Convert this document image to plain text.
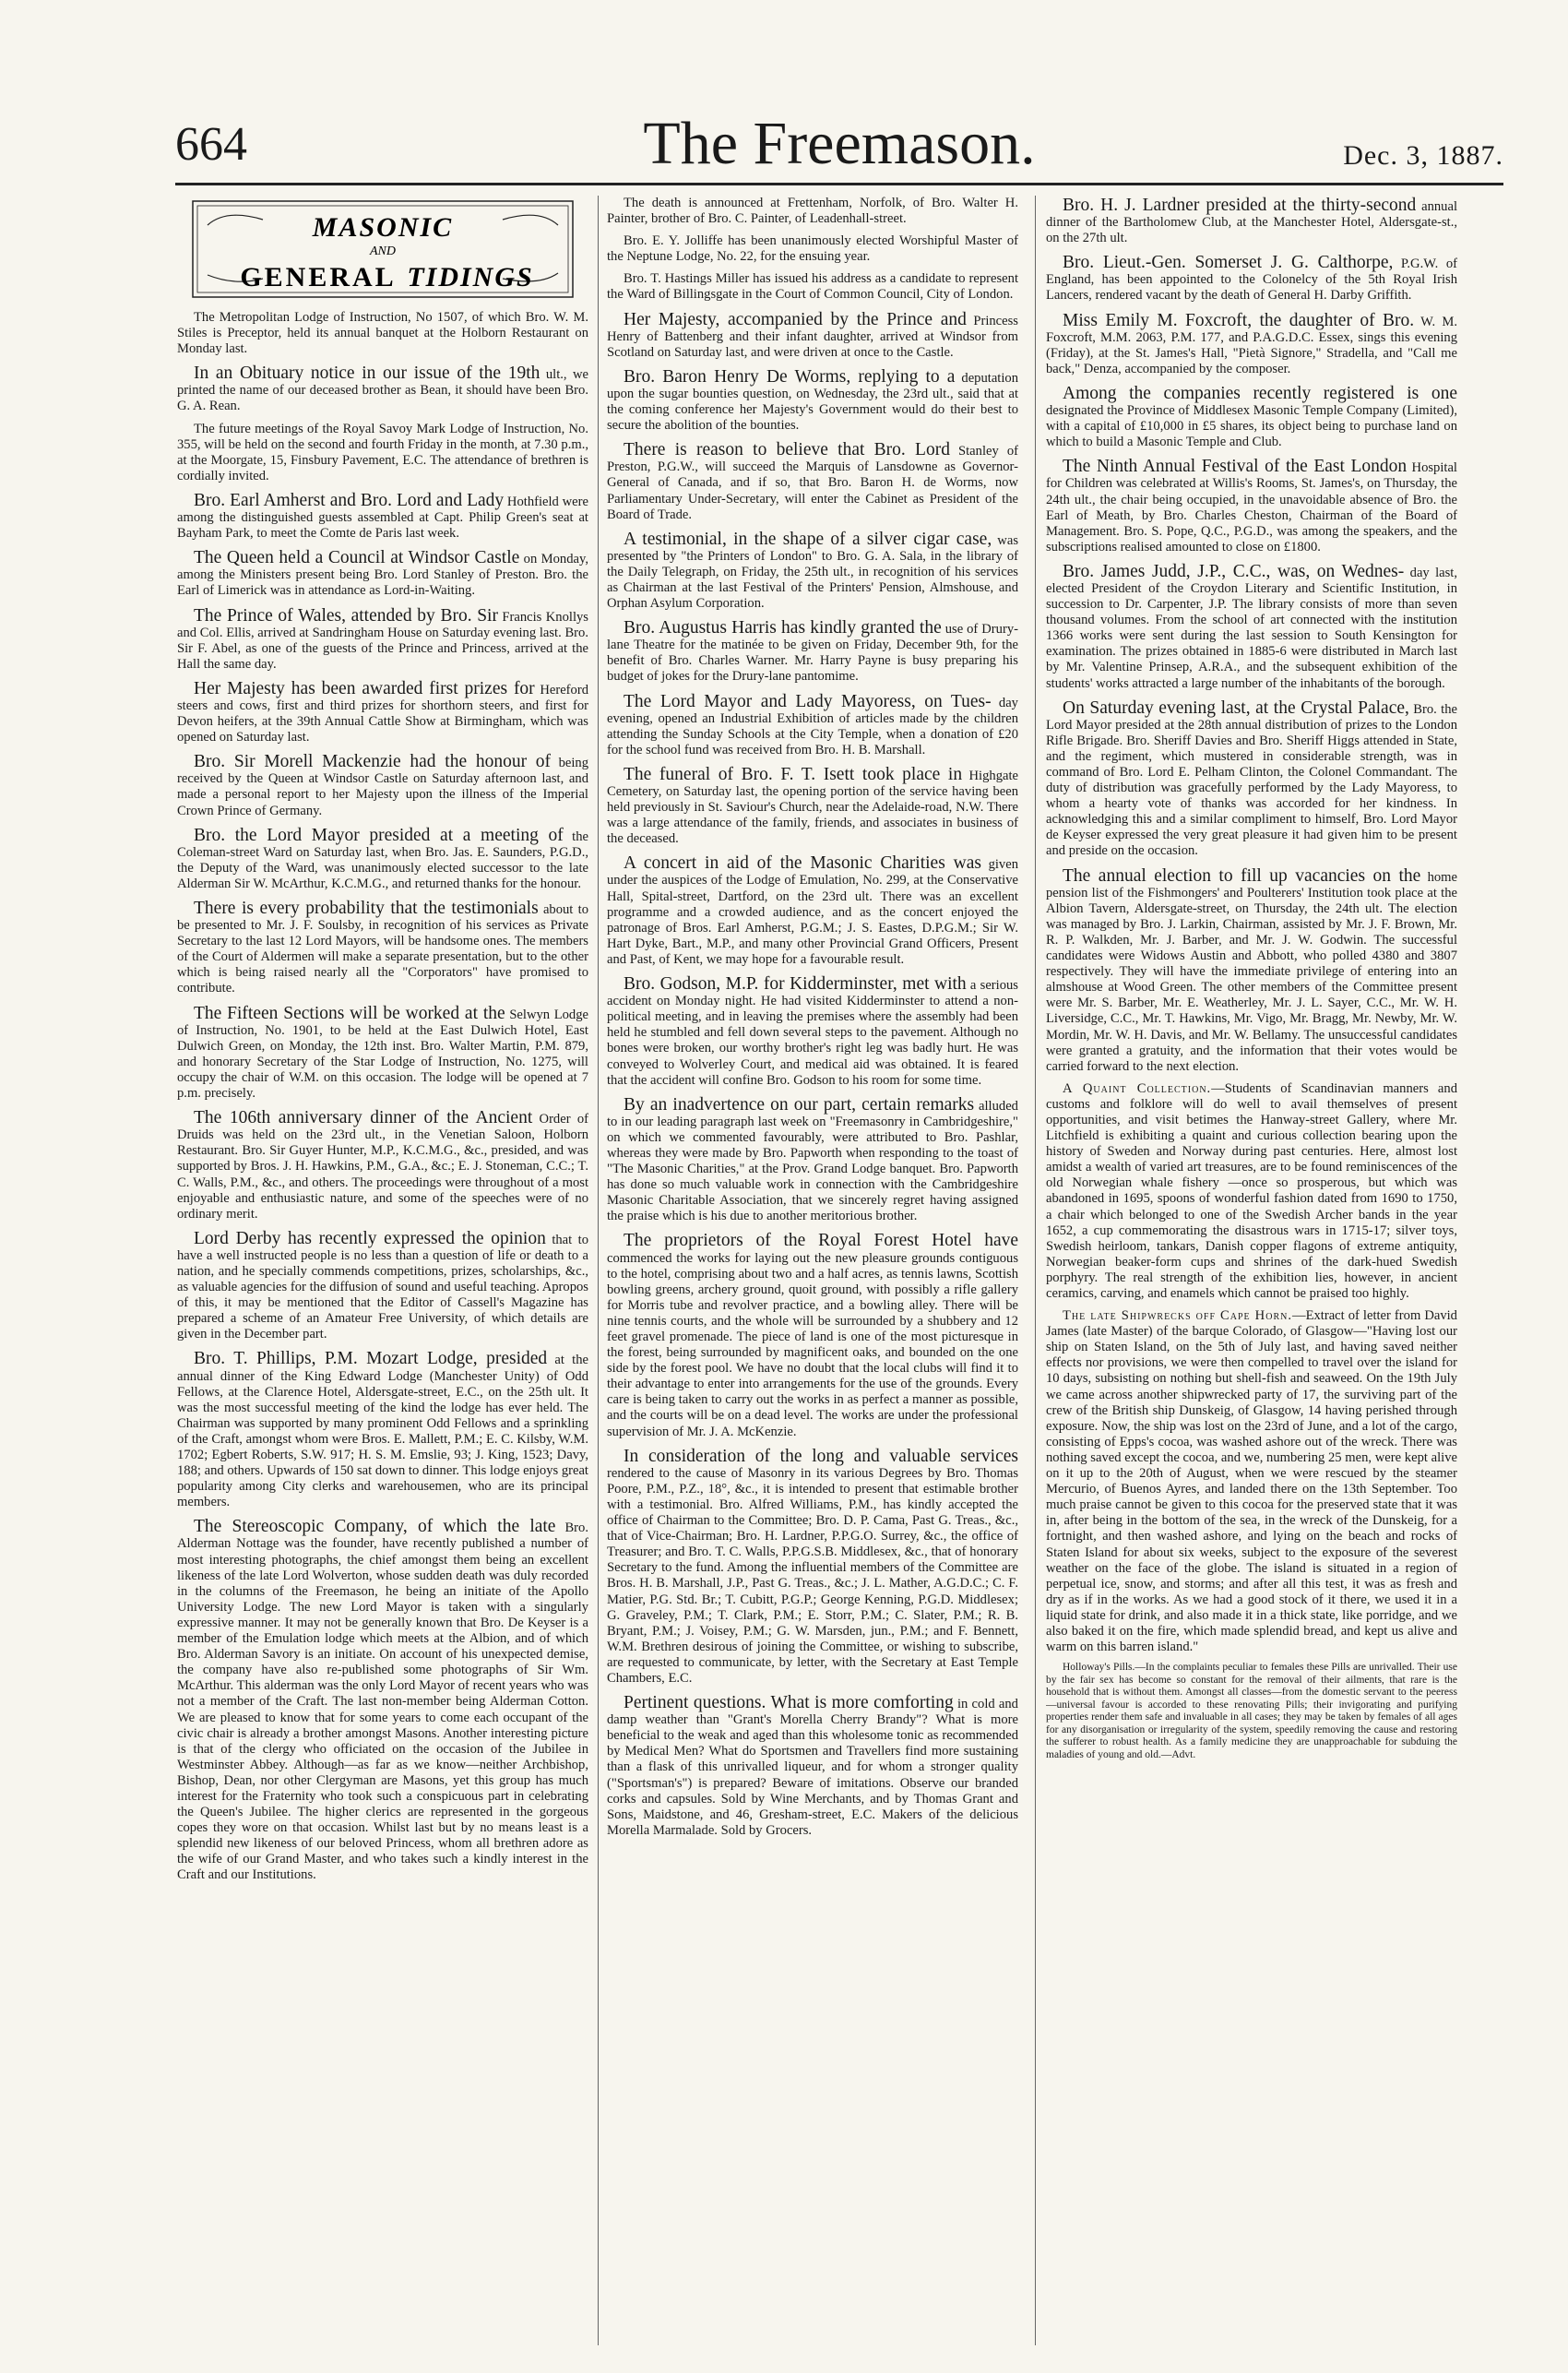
664	The Freemason.	Dec. 3, 1887.
MASONIC
AND
GENERAL TIDINGS

The Metropolitan Lodge of Instruction, No 1507, of which Bro. W. M. Stiles is Preceptor, held its annual banquet at the Holborn Restaurant on Monday last.

In an Obituary notice in our issue of the 19th ult., we printed the name of our deceased brother as Bean, it should have been Bro. G. A. Rean.

The future meetings of the Royal Savoy Mark Lodge of Instruction, No. 355, will be held on the second and fourth Friday in the month, at 7.30 p.m., at the Moorgate, 15, Finsbury Pavement, E.C. The attendance of brethren is cordially invited.

Bro. Earl Amherst and Bro. Lord and Lady Hothfield were among the distinguished guests assembled at Capt. Philip Green's seat at Bayham Park, to meet the Comte de Paris last week.

The Queen held a Council at Windsor Castle on Monday, among the Ministers present being Bro. Lord Stanley of Preston. Bro. the Earl of Limerick was in attendance as Lord-in-Waiting.

The Prince of Wales, attended by Bro. Sir Francis Knollys and Col. Ellis, arrived at Sandringham House on Saturday evening last. Bro. Sir F. Abel, as one of the guests of the Prince and Princess, arrived at the Hall the same day.

Her Majesty has been awarded first prizes for Hereford steers and cows, first and third prizes for shorthorn steers, and first for Devon heifers, at the 39th Annual Cattle Show at Birmingham, which was opened on Saturday last.

Bro. Sir Morell Mackenzie had the honour of being received by the Queen at Windsor Castle on Saturday afternoon last, and made a personal report to her Majesty upon the illness of the Imperial Crown Prince of Germany.

Bro. the Lord Mayor presided at a meeting of the Coleman-street Ward on Saturday last, when Bro. Jas. E. Saunders, P.G.D., the Deputy of the Ward, was unanimously elected successor to the late Alderman Sir W. McArthur, K.C.M.G., and returned thanks for the honour.

There is every probability that the testimonials about to be presented to Mr. J. F. Soulsby, in recognition of his services as Private Secretary to the last 12 Lord Mayors, will be handsome ones. The members of the Court of Aldermen will make a separate presentation, but to the other which is being raised nearly all the "Corporators" have promised to contribute.

The Fifteen Sections will be worked at the Selwyn Lodge of Instruction, No. 1901, to be held at the East Dulwich Hotel, East Dulwich Green, on Monday, the 12th inst. Bro. Walter Martin, P.M. 879, and honorary Secretary of the Star Lodge of Instruction, No. 1275, will occupy the chair of W.M. on this occasion. The lodge will be opened at 7 p.m. precisely.

The 106th anniversary dinner of the Ancient Order of Druids was held on the 23rd ult., in the Venetian Saloon, Holborn Restaurant. Bro. Sir Guyer Hunter, M.P., K.C.M.G., &c., presided, and was supported by Bros. J. H. Hawkins, P.M., G.A., &c.; E. J. Stoneman, C.C.; T. C. Walls, P.M., &c., and others. The proceedings were throughout of a most enjoyable and enthusiastic nature, and some of the speeches were of no ordinary merit.

Lord Derby has recently expressed the opinion that to have a well instructed people is no less than a question of life or death to a nation, and he specially commends competitions, prizes, scholarships, &c., as valuable agencies for the diffusion of sound and useful teaching. Apropos of this, it may be mentioned that the Editor of Cassell's Magazine has prepared a scheme of an Amateur Free University, of which details are given in the December part.

Bro. T. Phillips, P.M. Mozart Lodge, presided at the annual dinner of the King Edward Lodge (Manchester Unity) of Odd Fellows, at the Clarence Hotel, Aldersgate-street, E.C., on the 25th ult. It was the most successful meeting of the kind the lodge has ever held. The Chairman was supported by many prominent Odd Fellows and a sprinkling of the Craft, amongst whom were Bros. E. Mallett, P.M.; E. C. Kilsby, W.M. 1702; Egbert Roberts, S.W. 917; H. S. M. Emslie, 93; J. King, 1523; Davy, 188; and others. Upwards of 150 sat down to dinner. This lodge enjoys great popularity among City clerks and warehousemen, who are its principal members.

The Stereoscopic Company, of which the late Bro. Alderman Nottage was the founder, have recently published a number of most interesting photographs, the chief amongst them being an excellent likeness of the late Lord Wolverton, whose sudden death was duly recorded in the columns of the Freemason, he being an initiate of the Apollo University Lodge. The new Lord Mayor is taken with a singularly expressive manner. It may not be generally known that Bro. De Keyser is a member of the Emulation lodge which meets at the Albion, and of which Bro. Alderman Savory is an initiate. On account of his unexpected demise, the company have also re-published some photographs of Sir Wm. McArthur. This alderman was the only Lord Mayor of recent years who was not a member of the Craft. The last non-member being Alderman Cotton. We are pleased to know that for some years to come each occupant of the civic chair is already a brother amongst Masons. Another interesting picture is that of the clergy who officiated on the occasion of the Jubilee in Westminster Abbey. Although—as far as we know—neither Archbishop, Bishop, Dean, nor other Clergyman are Masons, yet this group has much interest for the Fraternity who took such a conspicuous part in celebrating the Queen's Jubilee. The higher clerics are represented in the gorgeous copes they wore on that occasion. Whilst last but by no means least is a splendid new likeness of our beloved Princess, whom all brethren adore as the wife of our Grand Master, and who takes such a kindly interest in the Craft and our Institutions.

The death is announced at Frettenham, Norfolk, of Bro. Walter H. Painter, brother of Bro. C. Painter, of Leadenhall-street.

Bro. E. Y. Jolliffe has been unanimously elected Worshipful Master of the Neptune Lodge, No. 22, for the ensuing year.

Bro. T. Hastings Miller has issued his address as a candidate to represent the Ward of Billingsgate in the Court of Common Council, City of London.

Her Majesty, accompanied by the Prince and Princess Henry of Battenberg and their infant daughter, arrived at Windsor from Scotland on Saturday last, and were driven at once to the Castle.

Bro. Baron Henry De Worms, replying to a deputation upon the sugar bounties question, on Wednesday, the 23rd ult., said that at the coming conference her Majesty's Government would do their best to secure the abolition of the bounties.

There is reason to believe that Bro. Lord Stanley of Preston, P.G.W., will succeed the Marquis of Lansdowne as Governor-General of Canada, and if so, that Bro. Baron H. de Worms, now Parliamentary Under-Secretary, will enter the Cabinet as President of the Board of Trade.

A testimonial, in the shape of a silver cigar case, was presented by "the Printers of London" to Bro. G. A. Sala, in the library of the Daily Telegraph, on Friday, the 25th ult., in recognition of his services as Chairman at the last Festival of the Printers' Pension, Almshouse, and Orphan Asylum Corporation.

Bro. Augustus Harris has kindly granted the use of Drury-lane Theatre for the matinée to be given on Friday, December 9th, for the benefit of Bro. Charles Warner. Mr. Harry Payne is busy preparing his budget of jokes for the Drury-lane pantomime.

The Lord Mayor and Lady Mayoress, on Tues- day evening, opened an Industrial Exhibition of articles made by the children attending the Sunday Schools at the City Temple, when a donation of £20 for the school fund was received from Bro. H. B. Marshall.

The funeral of Bro. F. T. Isett took place in Highgate Cemetery, on Saturday last, the opening portion of the service having been held previously in St. Saviour's Church, near the Adelaide-road, N.W. There was a large attendance of the family, friends, and associates in business of the deceased.

A concert in aid of the Masonic Charities was given under the auspices of the Lodge of Emulation, No. 299, at the Conservative Hall, Spital-street, Dartford, on the 23rd ult. There was an excellent programme and a crowded audience, and as the concert enjoyed the patronage of Bros. Earl Amherst, P.G.M.; J. S. Eastes, D.P.G.M.; Sir W. Hart Dyke, Bart., M.P., and many other Provincial Grand Officers, Present and Past, of Kent, we may hope for a favourable result.

Bro. Godson, M.P. for Kidderminster, met with a serious accident on Monday night. He had visited Kidderminster to attend a non-political meeting, and in leaving the premises where the assembly had been held he stumbled and fell down several steps to the pavement. Although no bones were broken, our worthy brother's right leg was badly hurt. He was conveyed to Wolverley Court, and medical aid was obtained. It is feared that the accident will confine Bro. Godson to his room for some time.

By an inadvertence on our part, certain remarks alluded to in our leading paragraph last week on "Freemasonry in Cambridgeshire," on which we commented favourably, were attributed to Bro. Pashlar, whereas they were made by Bro. Papworth when responding to the toast of "The Masonic Charities," at the Prov. Grand Lodge banquet. Bro. Papworth has done so much valuable work in connection with the Cambridgeshire Masonic Charitable Association, that we sincerely regret having assigned the praise which is his due to another meritorious brother.

The proprietors of the Royal Forest Hotel have commenced the works for laying out the new pleasure grounds contiguous to the hotel, comprising about two and a half acres, as tennis lawns, Scottish bowling greens, archery ground, quoit ground, with possibly a rifle gallery for Morris tube and revolver practice, and a bowling alley. There will be nine tennis courts, and the whole will be surrounded by a shubbery and 12 feet gravel promenade. The piece of land is one of the most picturesque in the forest, being surrounded by magnificent oaks, and bounded on the one side by the forest pool. We have no doubt that the local clubs will find it to their advantage to enter into arrangements for the use of the grounds. Every care is being taken to carry out the works in as perfect a manner as possible, and the courts will be on a dead level. The works are under the professional supervision of Mr. J. A. McKenzie.

In consideration of the long and valuable services rendered to the cause of Masonry in its various Degrees by Bro. Thomas Poore, P.M., P.Z., 18°, &c., it is intended to present that estimable brother with a testimonial. Bro. Alfred Williams, P.M., has kindly accepted the office of Chairman to the Committee; Bro. D. P. Cama, Past G. Treas., &c., that of Vice-Chairman; Bro. H. Lardner, P.P.G.O. Surrey, &c., the office of Treasurer; and Bro. T. C. Walls, P.P.G.S.B. Middlesex, &c., that of honorary Secretary to the fund. Among the influential members of the Committee are Bros. H. B. Marshall, J.P., Past G. Treas., &c.; J. L. Mather, A.G.D.C.; C. F. Matier, P.G. Std. Br.; T. Cubitt, P.G.P.; George Kenning, P.G.D. Middlesex; G. Graveley, P.M.; T. Clark, P.M.; E. Storr, P.M.; C. Slater, P.M.; R. B. Bryant, P.M.; J. Voisey, P.M.; G. W. Marsden, jun., P.M.; and F. Bennett, W.M. Brethren desirous of joining the Committee, or wishing to subscribe, are requested to communicate, by letter, with the Secretary at East Temple Chambers, E.C.

Pertinent questions. What is more comforting in cold and damp weather than "Grant's Morella Cherry Brandy"? What is more beneficial to the weak and aged than this wholesome tonic as recommended by Medical Men? What do Sportsmen and Travellers find more sustaining than a flask of this unrivalled liqueur, and for whom a stronger quality ("Sportsman's") is prepared? Beware of imitations. Observe our branded corks and capsules. Sold by Wine Merchants, and by Thomas Grant and Sons, Maidstone, and 46, Gresham-street, E.C. Makers of the delicious Morella Marmalade. Sold by Grocers.

Bro. H. J. Lardner presided at the thirty-second annual dinner of the Bartholomew Club, at the Manchester Hotel, Aldersgate-st., on the 27th ult.

Bro. Lieut.-Gen. Somerset J. G. Calthorpe, P.G.W. of England, has been appointed to the Colonelcy of the 5th Royal Irish Lancers, rendered vacant by the death of General H. Darby Griffith.

Miss Emily M. Foxcroft, the daughter of Bro. W. M. Foxcroft, M.M. 2063, P.M. 177, and P.A.G.D.C. Essex, sings this evening (Friday), at the St. James's Hall, "Pietà Signore," Stradella, and "Call me back," Denza, accompanied by the composer.

Among the companies recently registered is one designated the Province of Middlesex Masonic Temple Company (Limited), with a capital of £10,000 in £5 shares, its object being to purchase land on which to build a Masonic Temple and Club.

The Ninth Annual Festival of the East London Hospital for Children was celebrated at Willis's Rooms, St. James's, on Thursday, the 24th ult., the chair being occupied, in the unavoidable absence of Bro. the Earl of Meath, by Bro. Charles Cheston, Chairman of the Board of Management. Bro. S. Pope, Q.C., P.G.D., was among the speakers, and the subscriptions realised amounted to close on £1800.

Bro. James Judd, J.P., C.C., was, on Wednes- day last, elected President of the Croydon Literary and Scientific Institution, in succession to Dr. Carpenter, J.P. The library consists of more than seven thousand volumes. From the school of art connected with the institution 1366 works were sent during the last session to South Kensington for examination. The prizes obtained in 1885-6 were distributed in March last by Mr. Valentine Prinsep, A.R.A., and the subsequent exhibition of the students' works attracted a large number of the inhabitants of the borough.

On Saturday evening last, at the Crystal Palace, Bro. the Lord Mayor presided at the 28th annual distribution of prizes to the London Rifle Brigade. Bro. Sheriff Davies and Bro. Sheriff Higgs attended in State, and the regiment, which mustered in considerable strength, was in command of Bro. Lord E. Pelham Clinton, the Colonel Commandant. The duty of distribution was gracefully performed by the Lady Mayoress, to whom a hearty vote of thanks was accorded for her kindness. In acknowledging this and a similar compliment to himself, Bro. Lord Mayor de Keyser expressed the very great pleasure it had given him to be present and preside on the occasion.

The annual election to fill up vacancies on the home pension list of the Fishmongers' and Poulterers' Institution took place at the Albion Tavern, Aldersgate-street, on Thursday, the 24th ult. The election was managed by Bro. J. Larkin, Chairman, assisted by Mr. J. F. Brown, Mr. R. P. Walkden, Mr. J. Barber, and Mr. J. W. Godwin. The successful candidates were Widows Austin and Abbott, who polled 4380 and 3807 respectively. They will have the immediate privilege of entering into an almshouse at Wood Green. The other members of the Committee present were Mr. S. Barber, Mr. E. Weatherley, Mr. J. L. Sayer, C.C., Mr. W. H. Liversidge, C.C., Mr. T. Hawkins, Mr. Vigo, Mr. Bragg, Mr. Newby, Mr. W. Mordin, Mr. W. H. Davis, and Mr. W. Bellamy. The unsuccessful candidates were granted a gratuity, and the information that their votes would be carried forward to the next election.

A Quaint Collection.—Students of Scandinavian manners and customs and folklore will do well to avail themselves of present opportunities, and visit betimes the Hanway-street Gallery, where Mr. Litchfield is exhibiting a quaint and curious collection bearing upon the history of Sweden and Norway during past centuries. Here, almost lost amidst a wealth of varied art treasures, are to be found reminiscences of the old Norwegian whale fishery —once so prosperous, but which was abandoned in 1695, spoons of wonderful fashion dated from 1690 to 1750, a chair which belonged to one of the Swedish Archer bands in the year 1652, a cup commemorating the disastrous wars in 1715-17; silver toys, Swedish heirloom, tankars, Danish copper flagons of extreme antiquity, Norwegian beaker-form cups and shrines of the dark-hued Swedish porphyry. The real strength of the exhibition lies, however, in ancient ceramics, carving, and enamels which cannot be praised too highly.

The late Shipwrecks off Cape Horn.—Extract of letter from David James (late Master) of the barque Colorado, of Glasgow—"Having lost our ship on Staten Island, on the 5th of July last, and having saved neither effects nor provisions, we were then compelled to travel over the island for 10 days, subsisting on nothing but shell-fish and seaweed. On the 19th July we came across another shipwrecked party of 17, the surviving part of the crew of the British ship Dunskeig, of Glasgow, 14 having perished through exposure. Now, the ship was lost on the 23rd of June, and a lot of the cargo, consisting of Epps's cocoa, was washed ashore out of the wreck. There was nothing saved except the cocoa, and we, numbering 25 men, were kept alive on it up to the 20th of August, when we were rescued by the steamer Mercurio, of Buenos Ayres, and landed there on the 13th September. Too much praise cannot be given to this cocoa for the preserved state that it was in, after being in the bottom of the sea, in the wreck of the Dunskeig, for a fortnight, and then washed ashore, and lying on the beach and rocks of Staten Island for about six weeks, subject to the exposure of the severest weather on the face of the globe. The island is situated in a region of perpetual ice, snow, and storms; and after all this test, it was as fresh and dry as if in the works. As we had a good stock of it there, we used it in a liquid state for drink, and also made it in a thick state, like porridge, and we also baked it on the fire, which made splendid bread, and kept us alive and warm on this barren island."

Holloway's Pills.—In the complaints peculiar to females these Pills are unrivalled. Their use by the fair sex has become so constant for the removal of their ailments, that rare is the household that is without them. Amongst all classes—from the domestic servant to the peeress—universal favour is accorded to these renovating Pills; their invigorating and purifying properties render them safe and invaluable in all cases; they may be taken by females of all ages for any disorganisation or irregularity of the system, speedily removing the cause and restoring the sufferer to robust health. As a family medicine they are unapproachable for subduing the maladies of young and old.—Advt.
